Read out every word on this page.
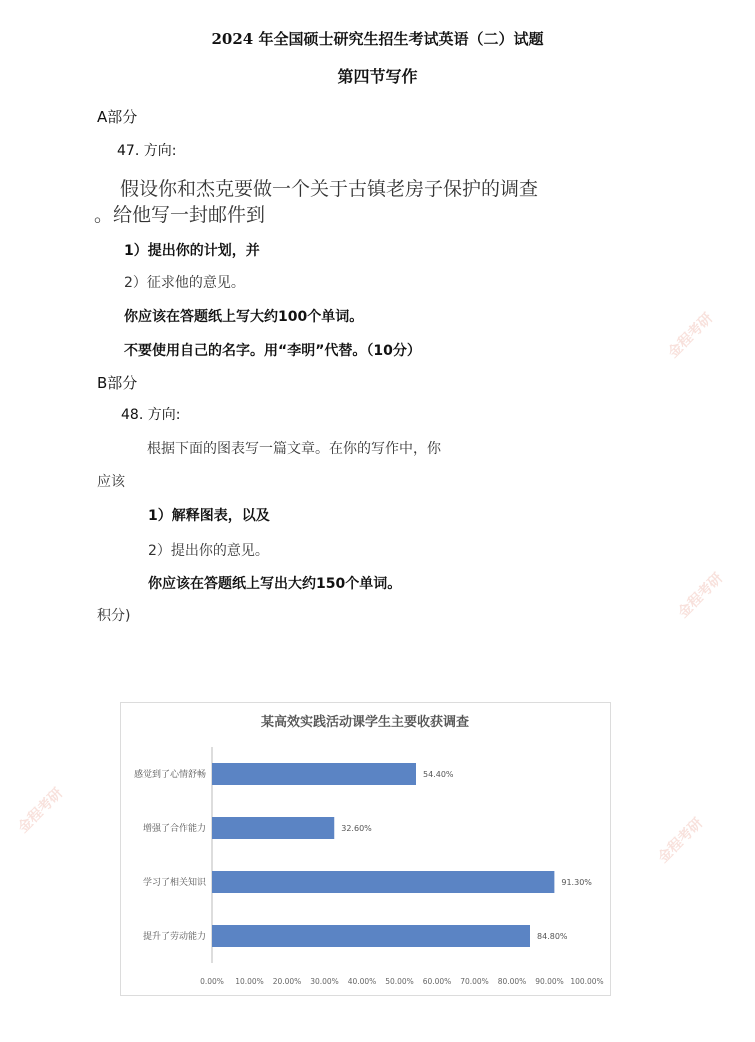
2024 年全国硕士研究生招生考试英语（二）试题
第四节写作
A部分
47. 方向:
假设你和杰克要做一个关于古镇老房子保护的调查
。给他写一封邮件到
1）提出你的计划，并
2）征求他的意见。
你应该在答题纸上写大约100个单词。
不要使用自己的名字。用“李明”代替。（10分）
B部分
48. 方向:
根据下面的图表写一篇文章。在你的写作中，你
应该
1）解释图表，以及
2）提出你的意见。
你应该在答题纸上写出大约150个单词。
积分)
金程考研
金程考研
金程考研
金程考研
某高效实践活动课学生主要收获调查
感觉到了心情舒畅	54.40%
增强了合作能力	32.60%
学习了相关知识	91.30%
提升了劳动能力	84.80%
0.00% 10.00% 20.00% 30.00% 40.00% 50.00% 60.00% 70.00% 80.00% 90.00% 100.00%
